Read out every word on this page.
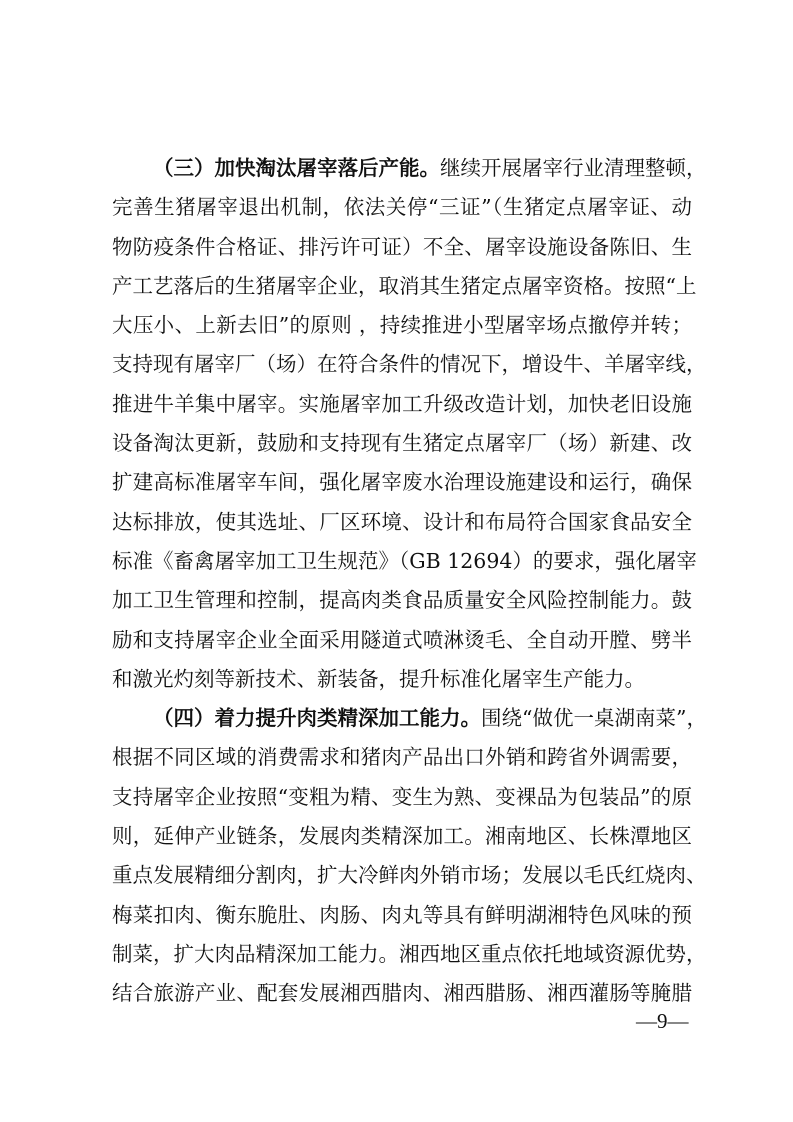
（三）加快淘汰屠宰落后产能。继续开展屠宰行业清理整顿，
完善生猪屠宰退出机制，依法关停“三证”（生猪定点屠宰证、动
物防疫条件合格证、排污许可证）不全、屠宰设施设备陈旧、生
产工艺落后的生猪屠宰企业，取消其生猪定点屠宰资格。按照“上
大压小、上新去旧”的原则 ，持续推进小型屠宰场点撤停并转；
支持现有屠宰厂（场）在符合条件的情况下，增设牛、羊屠宰线，
推进牛羊集中屠宰。实施屠宰加工升级改造计划，加快老旧设施
设备淘汰更新，鼓励和支持现有生猪定点屠宰厂（场）新建、改
扩建高标准屠宰车间，强化屠宰废水治理设施建设和运行，确保
达标排放，使其选址、厂区环境、设计和布局符合国家食品安全
标准《畜禽屠宰加工卫生规范》（GB 12694）的要求，强化屠宰
加工卫生管理和控制，提高肉类食品质量安全风险控制能力。鼓
励和支持屠宰企业全面采用隧道式喷淋烫毛、全自动开膛、劈半
和激光灼刻等新技术、新装备，提升标准化屠宰生产能力。
（四）着力提升肉类精深加工能力。围绕“做优一桌湖南菜”，
根据不同区域的消费需求和猪肉产品出口外销和跨省外调需要，
支持屠宰企业按照“变粗为精、变生为熟、变裸品为包装品”的原
则，延伸产业链条，发展肉类精深加工。湘南地区、长株潭地区
重点发展精细分割肉，扩大冷鲜肉外销市场；发展以毛氏红烧肉、
梅菜扣肉、衡东脆肚、肉肠、肉丸等具有鲜明湖湘特色风味的预
制菜，扩大肉品精深加工能力。湘西地区重点依托地域资源优势，
结合旅游产业、配套发展湘西腊肉、湘西腊肠、湘西灌肠等腌腊
—9—
